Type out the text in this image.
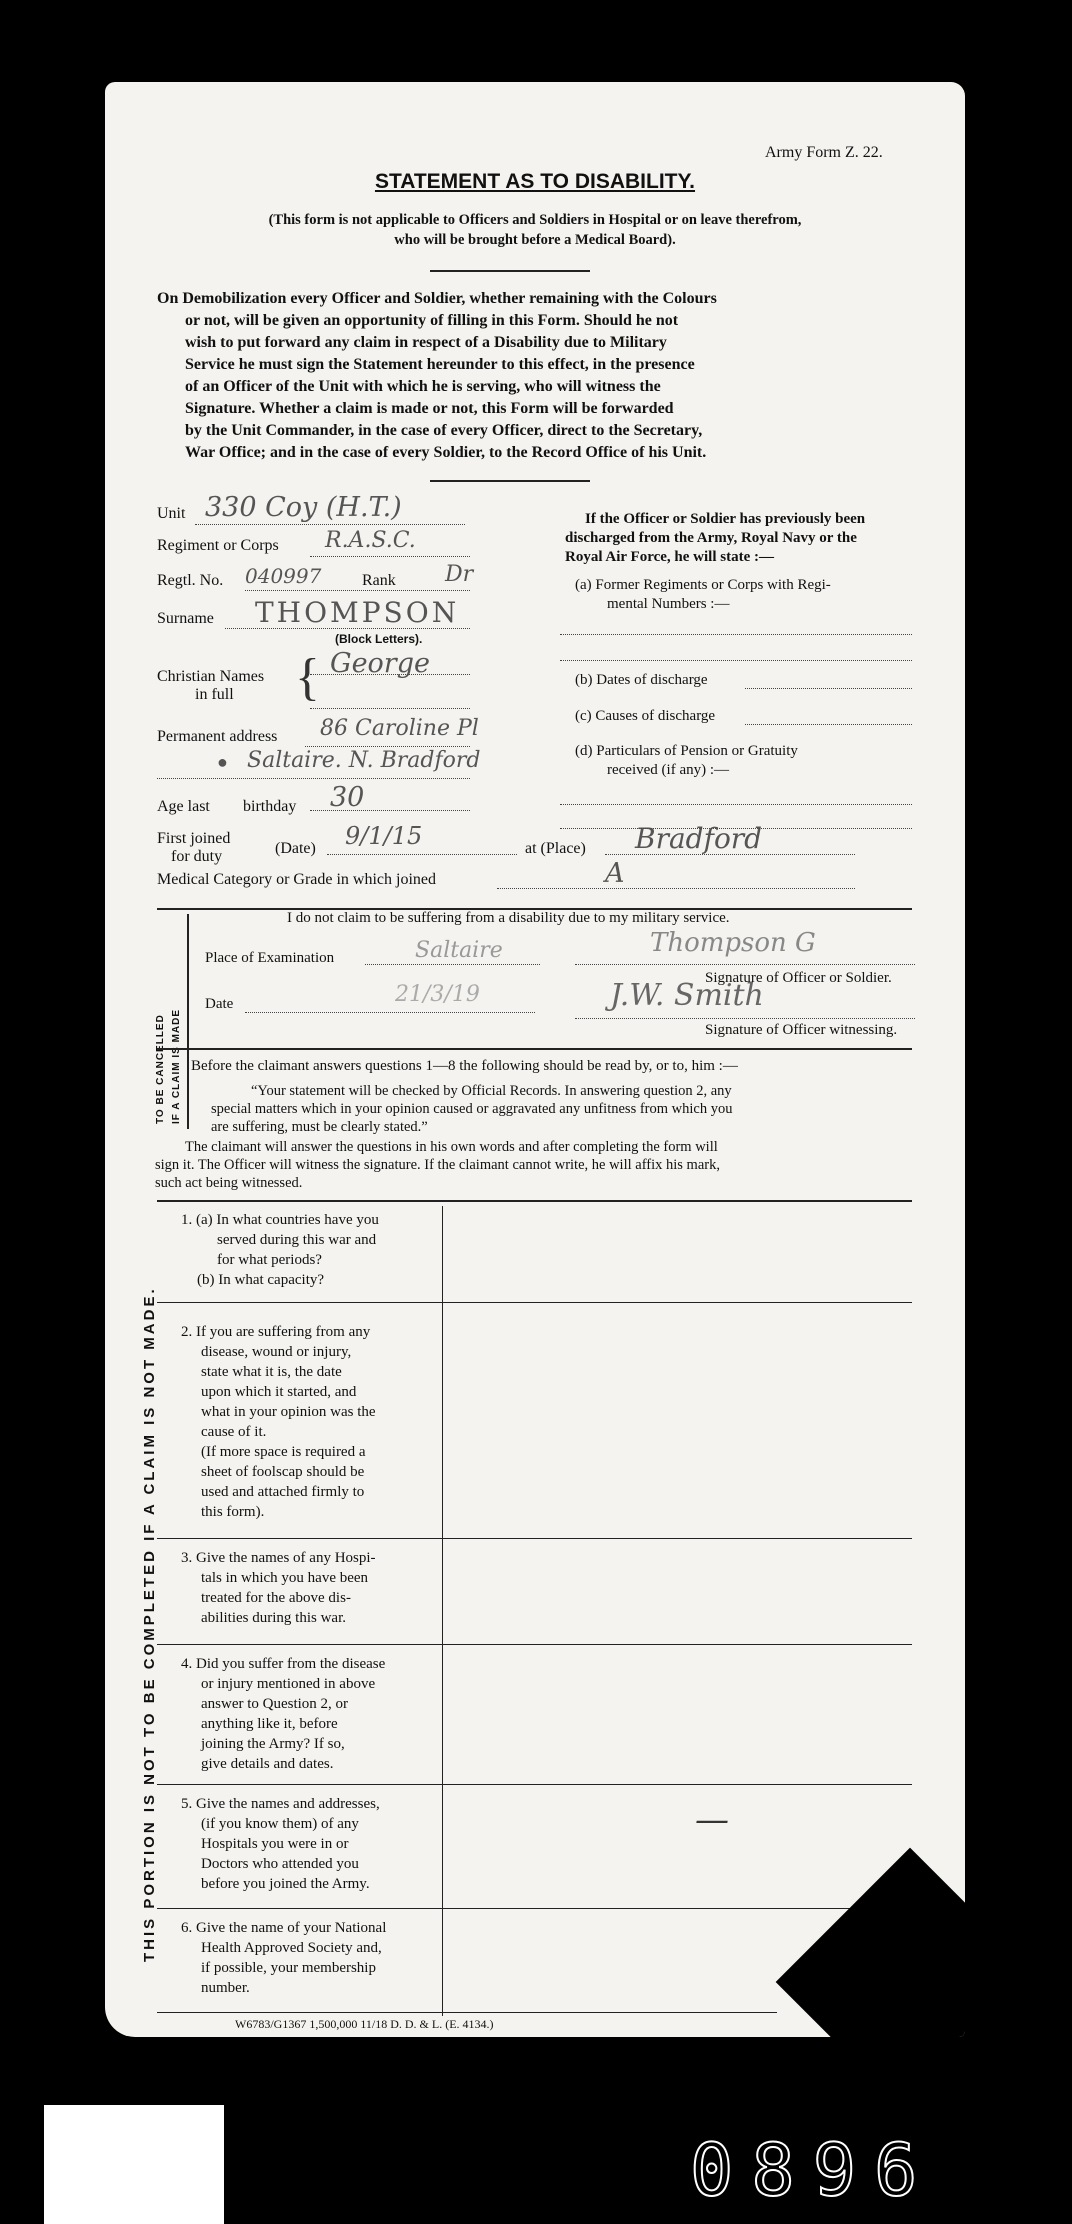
Army Form Z. 22.
STATEMENT AS TO DISABILITY.
(This form is not applicable to Officers and Soldiers in Hospital or on leave therefrom,
who will be brought before a Medical Board).

On Demobilization every Officer and Soldier, whether remaining with the Colours

or not, will be given an opportunity of filling in this Form. Should he not

wish to put forward any claim in respect of a Disability due to Military

Service he must sign the Statement hereunder to this effect, in the presence

of an Officer of the Unit with which he is serving, who will witness the

Signature. Whether a claim is made or not, this Form will be forwarded

by the Unit Commander, in the case of every Officer, direct to the Secretary,

War Office; and in the case of every Soldier, to the Record Office of his Unit.

Unit 330 Coy (H.T.)
Regiment or Corps R.A.S.C.
Regtl. No. 040997	Rank Dr
Surname THOMPSON
(Block Letters).
Christian Names
in full { George
Permanent address 86 Caroline Pl
● Saltaire. N. Bradford
Age last birthday 30
First joined
for duty	(Date) 9/1/15	at (Place) Bradford
Medical Category or Grade in which joined	A
If the Officer or Soldier has previously been
discharged from the Army, Royal Navy or the
Royal Air Force, he will state :—
(a) Former Regiments or Corps with Regi-
mental Numbers :—
(b) Dates of discharge
(c) Causes of discharge
(d) Particulars of Pension or Gratuity
received (if any) :—
TO BE CANCELLED IF A CLAIM IS MADE
I do not claim to be suffering from a disability due to my military service.
Place of Examination	Saltaire	Thompson G
Signature of Officer or Soldier.
Date	21/3/19	J.W. Smith
Signature of Officer witnessing.
Before the claimant answers questions 1—8 the following should be read by, or to, him :—
“Your statement will be checked by Official Records. In answering question 2, any
special matters which in your opinion caused or aggravated any unfitness from which you
are suffering, must be clearly stated.”
The claimant will answer the questions in his own words and after completing the form will
sign it. The Officer will witness the signature. If the claimant cannot write, he will affix his mark,
such act being witnessed.
THIS PORTION IS NOT TO BE COMPLETED IF A CLAIM IS NOT MADE.
1. (a) In what countries have you
served during this war and
for what periods?
(b) In what capacity?
2. If you are suffering from any
disease, wound or injury,
state what it is, the date
upon which it started, and
what in your opinion was the
cause of it.
(If more space is required a
sheet of foolscap should be
used and attached firmly to
this form).
3. Give the names of any Hospi-
tals in which you have been
treated for the above dis-
abilities during this war.
4. Did you suffer from the disease
or injury mentioned in above
answer to Question 2, or
anything like it, before
joining the Army? If so,
give details and dates.
5. Give the names and addresses,
(if you know them) of any
Hospitals you were in or
Doctors who attended you
before you joined the Army.
—
6. Give the name of your National
Health Approved Society and,
if possible, your membership
number.
W6783/G1367 1,500,000 11/18 D. D. & L. (E. 4134.)
0896
